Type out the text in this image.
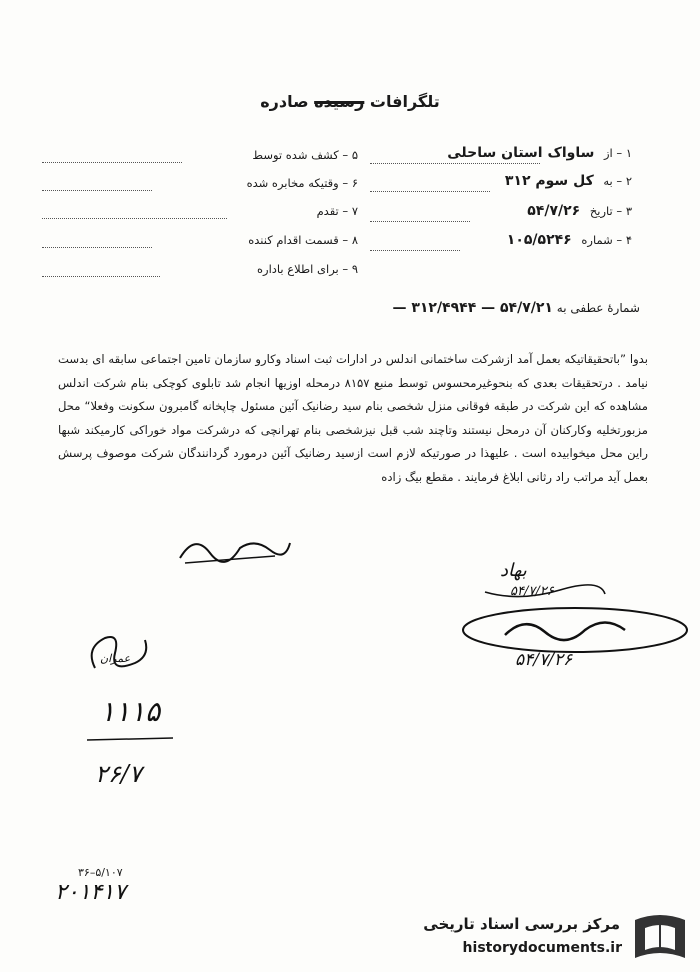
تلگرافات رسيده صادره
۱ – از ساواک استان ساحلی
۲ – به کل سوم ۳۱۲
۳ – تاریخ ۵۴/۷/۲۶
۴ – شماره ۱۰۵/۵۲۴۶
۵ – کشف شده توسط
۶ – وقتیکه مخابره شده
۷ – تقدم
۸ – قسمت اقدام کننده
۹ – برای اطلاع باداره
شمارهٔ عطفی به ۵۴/۷/۲۱ — ۳۱۲/۴۹۴۴ —
بدوا ”باتحقیقاتیکه بعمل آمد ازشرکت ساختمانی اندلس در ادارات ثبت اسناد وکارو سازمان تامین اجتماعی سابقه ای بدست نیامد . درتحقیقات بعدی که بنحوغیرمحسوس توسط منبع ۸۱۵۷ درمحله اوزیها انجام شد تابلوی کوچکی بنام شرکت اندلس مشاهده که این شرکت در طبقه فوقانی منزل شخصی بنام سید رضانیک آئین مسئول چاپخانه گامبرون سکونت وفعلا“ محل مزبورتخلیه وکارکنان آن درمحل نیستند وتاچند شب قبل نیزشخصی بنام تهرانچی که درشرکت مواد خوراکی کارمیکند شبها راین محل میخوابیده است . علیهذا در صورتیکه لازم است ازسید رضانیک آئین درمورد گردانندگان شرکت موصوف پرسش بعمل آید مراتب راد رثانی ابلاغ فرمایند . مقطع بیگ زاده
بهاد
۵۴/۷/۲۶
۵۴/۷/۲۶
عمران
۱۱۱۵
۲۶/۷
۳۶–۵/۱۰۷
۲۰۱۴۱۷
مرکز بررسی اسناد تاریخی
historydocuments.ir
